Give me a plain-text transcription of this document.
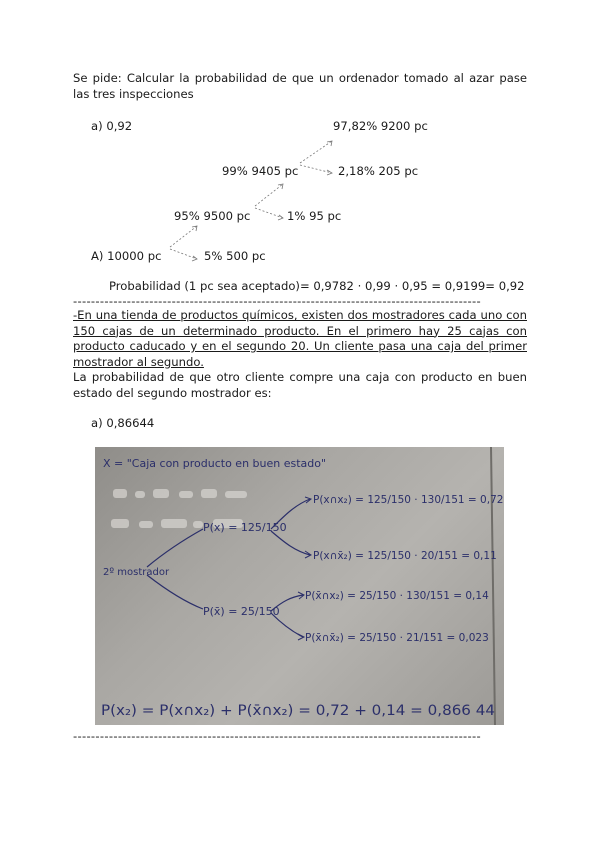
Se pide: Calcular la probabilidad de que un ordenador tomado al azar pase las tres inspecciones
a) 0,92	97,82% 9200 pc
99% 9405 pc	2,18% 205 pc
95% 9500 pc	1% 95 pc
A) 10000 pc	5% 500 pc
Probabilidad (1 pc sea aceptado)= 0,9782 · 0,99 · 0,95 = 0,9199= 0,92
-------------------------------------------------------------------------------------------
-En una tienda de productos químicos, existen dos mostradores cada uno con 150 cajas de un determinado producto. En el primero hay 25 cajas con producto caducado y en el segundo 20. Un cliente pasa una caja del primer mostrador al segundo.
La probabilidad de que otro cliente compre una caja con producto en buen estado del segundo mostrador es:
a) 0,86644
X = "Caja con producto en buen estado"
2º mostrador
P(x) = 125/150
P(x̄) = 25/150
P(x∩x₂) = 125/150 · 130/151 = 0,72
P(x∩x̄₂) = 125/150 · 20/151 = 0,11
P(x̄∩x₂) = 25/150 · 130/151 = 0,14
P(x̄∩x̄₂) = 25/150 · 21/151 = 0,023
P(x₂) = P(x∩x₂) + P(x̄∩x₂) = 0,72 + 0,14 = 0,866 44
-------------------------------------------------------------------------------------------
